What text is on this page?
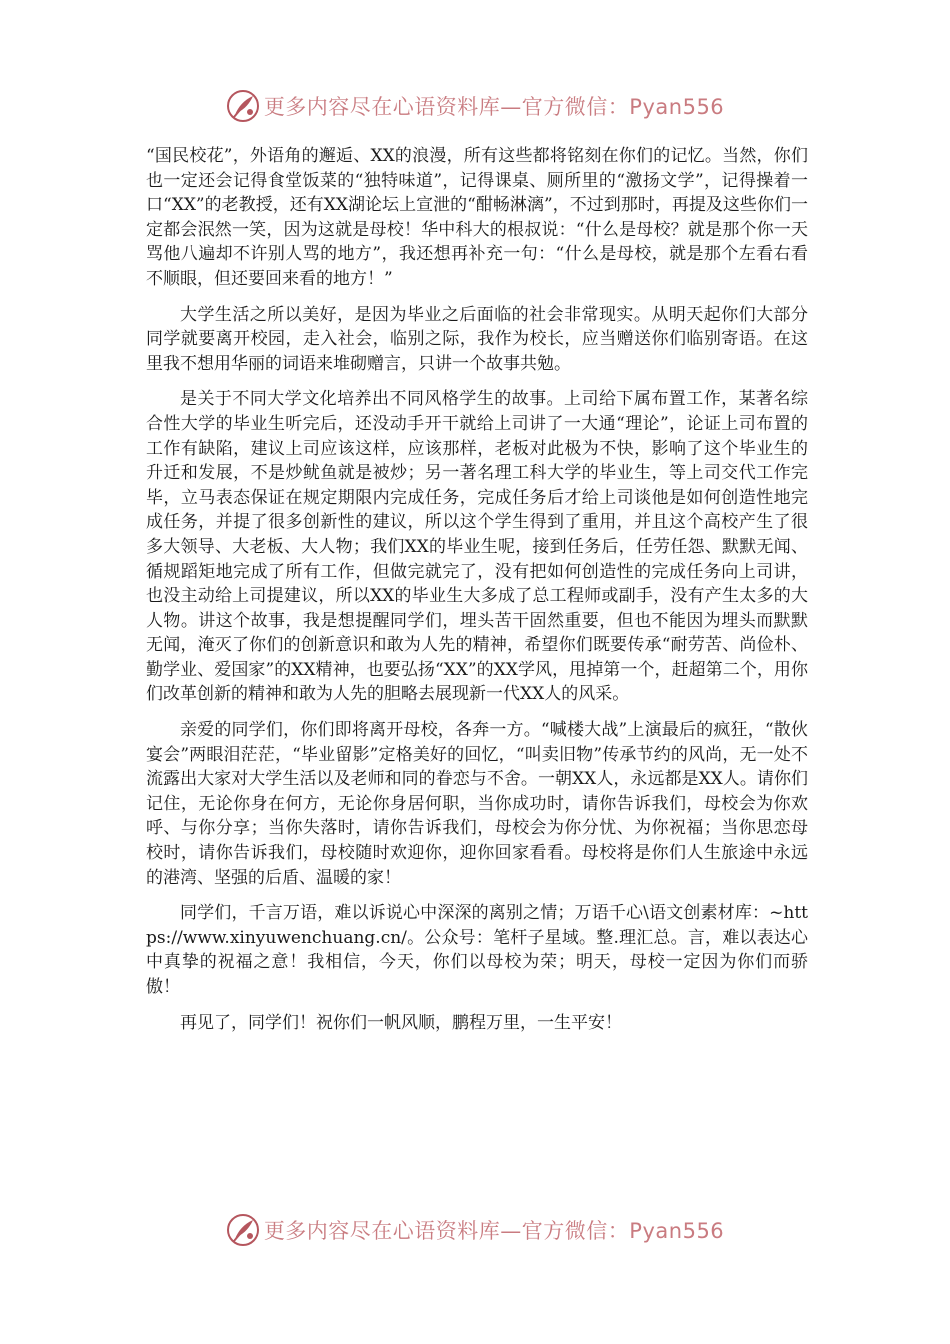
更多内容尽在心语资料库—官方微信：Pyan556

“国民校花”，外语角的邂逅、XX的浪漫，所有这些都将铭刻在你们的记忆。当然，你们也一定还会记得食堂饭菜的“独特味道”，记得课桌、厕所里的“激扬文学”，记得操着一口“XX”的老教授，还有XX湖论坛上宣泄的“酣畅淋漓”，不过到那时，再提及这些你们一定都会泯然一笑，因为这就是母校！华中科大的根叔说：“什么是母校？就是那个你一天骂他八遍却不许别人骂的地方”，我还想再补充一句：“什么是母校，就是那个左看右看不顺眼，但还要回来看的地方！”

大学生活之所以美好，是因为毕业之后面临的社会非常现实。从明天起你们大部分同学就要离开校园，走入社会，临别之际，我作为校长，应当赠送你们临别寄语。在这里我不想用华丽的词语来堆砌赠言，只讲一个故事共勉。

是关于不同大学文化培养出不同风格学生的故事。上司给下属布置工作，某著名综合性大学的毕业生听完后，还没动手开干就给上司讲了一大通“理论”，论证上司布置的工作有缺陷，建议上司应该这样，应该那样，老板对此极为不快，影响了这个毕业生的升迁和发展，不是炒鱿鱼就是被炒；另一著名理工科大学的毕业生，等上司交代工作完毕，立马表态保证在规定期限内完成任务，完成任务后才给上司谈他是如何创造性地完成任务，并提了很多创新性的建议，所以这个学生得到了重用，并且这个高校产生了很多大领导、大老板、大人物；我们XX的毕业生呢，接到任务后，任劳任怨、默默无闻、循规蹈矩地完成了所有工作，但做完就完了，没有把如何创造性的完成任务向上司讲，也没主动给上司提建议，所以XX的毕业生大多成了总工程师或副手，没有产生太多的大人物。讲这个故事，我是想提醒同学们，埋头苦干固然重要，但也不能因为埋头而默默无闻，淹灭了你们的创新意识和敢为人先的精神，希望你们既要传承“耐劳苦、尚俭朴、勤学业、爱国家”的XX精神，也要弘扬“XX”的XX学风，甩掉第一个，赶超第二个，用你们改革创新的精神和敢为人先的胆略去展现新一代XX人的风采。

亲爱的同学们，你们即将离开母校，各奔一方。“喊楼大战”上演最后的疯狂，“散伙宴会”两眼泪茫茫，“毕业留影”定格美好的回忆，“叫卖旧物”传承节约的风尚，无一处不流露出大家对大学生活以及老师和同的眷恋与不舍。一朝XX人，永远都是XX人。请你们记住，无论你身在何方，无论你身居何职，当你成功时，请你告诉我们，母校会为你欢呼、与你分享；当你失落时，请你告诉我们，母校会为你分忧、为你祝福；当你思恋母校时，请你告诉我们，母校随时欢迎你，迎你回家看看。母校将是你们人生旅途中永远的港湾、坚强的后盾、温暖的家！

同学们，千言万语，难以诉说心中深深的离别之情；万语千心\语文创素材库：~https://www.xinyuwenchuang.cn/。公众号：笔杆子星域。整.理汇总。言，难以表达心中真挚的祝福之意！我相信，今天，你们以母校为荣；明天，母校一定因为你们而骄傲！

再见了，同学们！祝你们一帆风顺，鹏程万里，一生平安！

更多内容尽在心语资料库—官方微信：Pyan556
